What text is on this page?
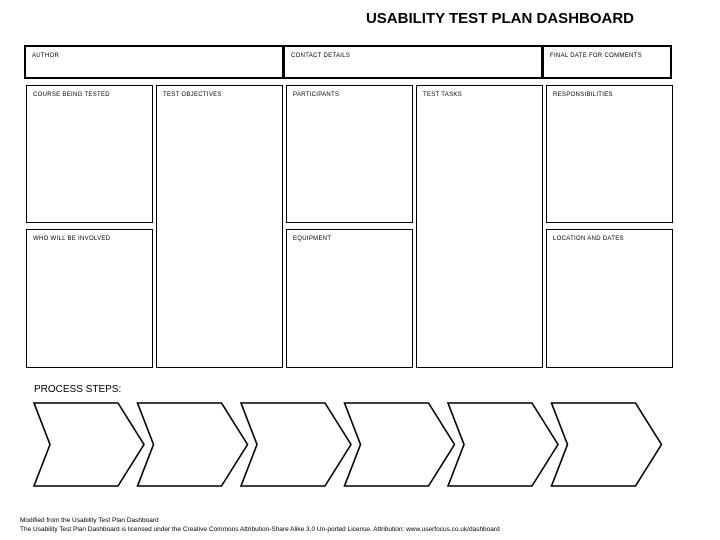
USABILITY TEST PLAN DASHBOARD
AUTHOR	CONTACT DETAILS	FINAL DATE FOR COMMENTS
COURSE BEING TESTED	TEST OBJECTIVES	PARTICIPANTS	TEST TASKS	RESPONSIBILITIES
WHO WILL BE INVOLVED	EQUIPMENT	LOCATION AND DATES
PROCESS STEPS:
Modified from the Usability Test Plan Dashboard
The Usability Test Plan Dashboard is licensed under the Creative Commons Attribution-Share Alike 3.0 Un-ported License. Attribution: www.userfocus.co.uk/dashboard
